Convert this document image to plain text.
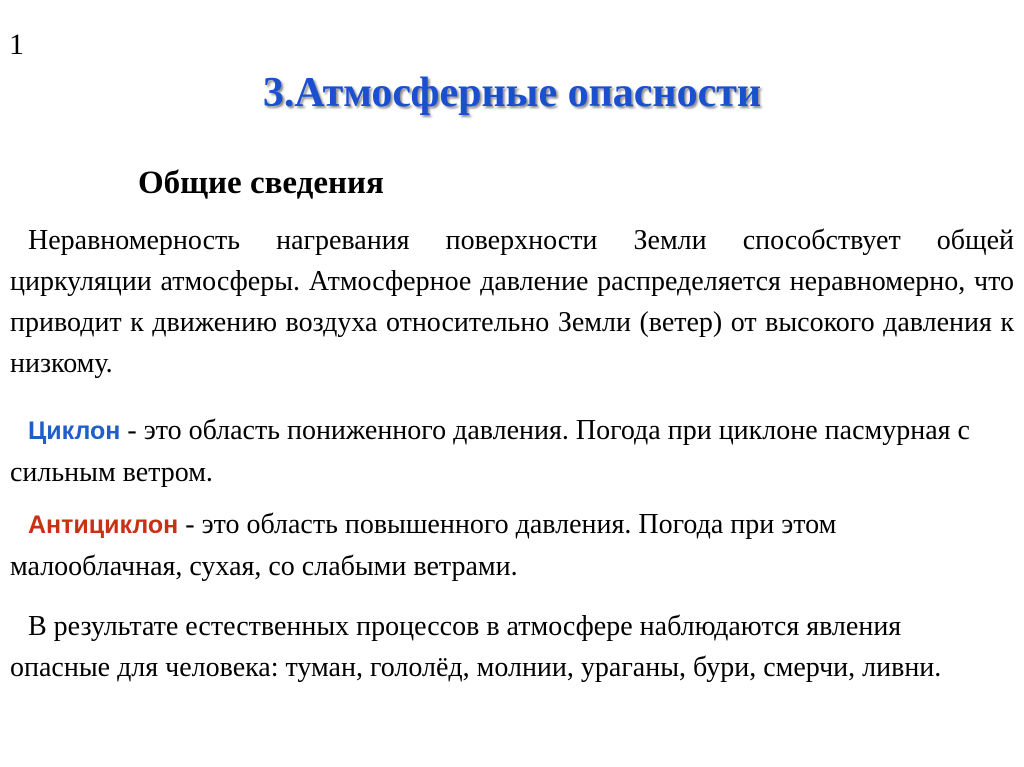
1
3.Атмосферные опасности
Общие сведения

Неравномерность нагревания поверхности Земли способствует общей циркуляции атмосферы. Атмосферное давление распределяется неравномерно, что приводит к движению воздуха относительно Земли (ветер) от высокого давления к низкому.

Циклон - это область пониженного давления. Погода при циклоне пасмурная с сильным ветром.

Антициклон - это область повышенного давления. Погода при этом малооблачная, сухая, со слабыми ветрами.

В результате естественных процессов в атмосфере наблюдаются явления опасные для человека: туман, гололёд, молнии, ураганы, бури, смерчи, ливни.
